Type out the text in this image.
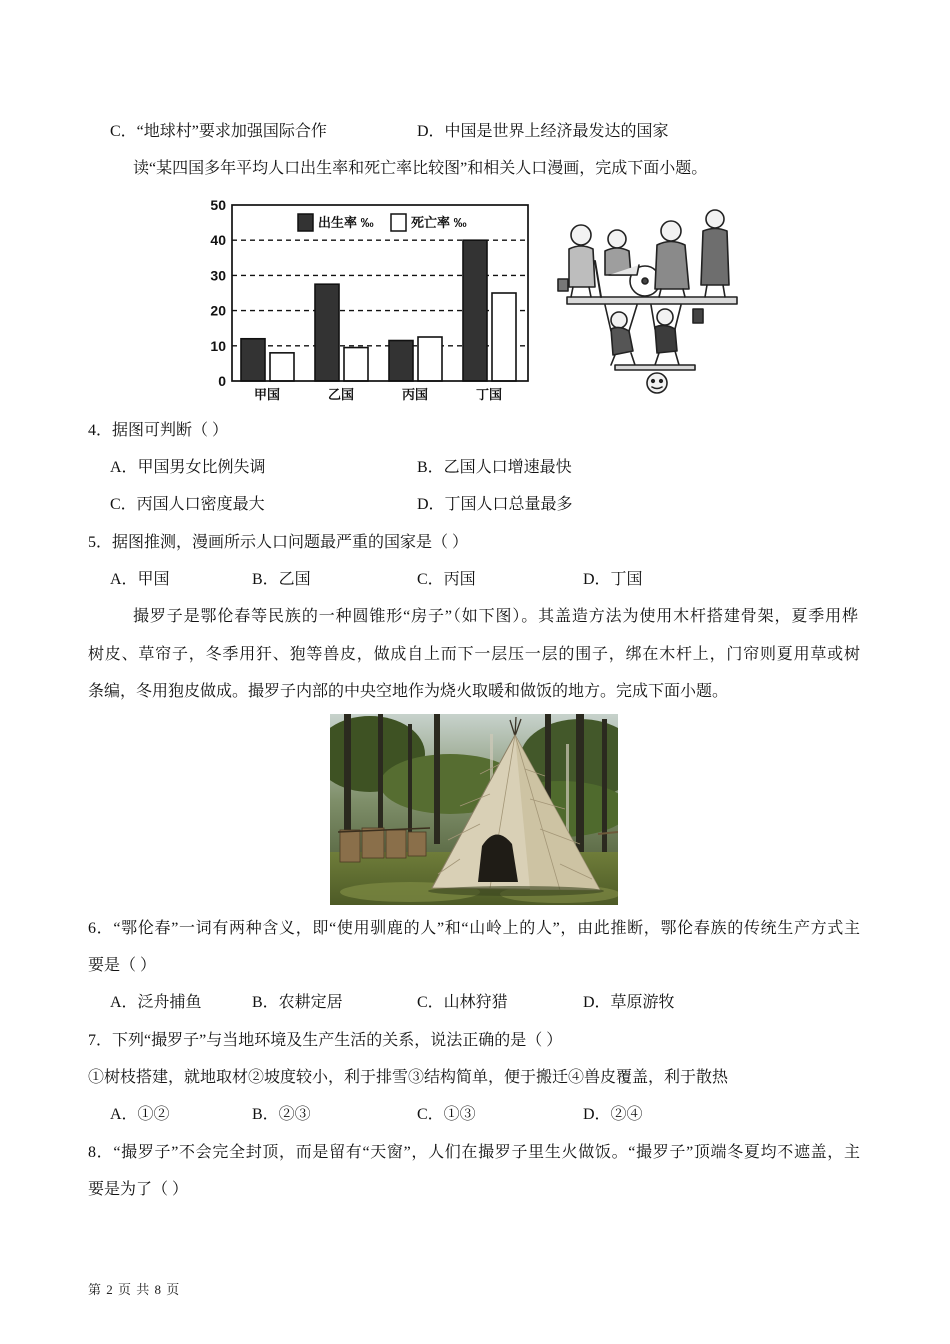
C．“地球村”要求加强国际合作	D．中国是世界上经济最发达的国家
读“某四国多年平均人口出生率和死亡率比较图”和相关人口漫画，完成下面小题。
0
10
20
30
40
50
甲国	乙国	丙国	丁国
出生率 ‰	死亡率 ‰
4．据图可判断（ ）
A．甲国男女比例失调	B．乙国人口增速最快
C．丙国人口密度最大	D．丁国人口总量最多
5．据图推测，漫画所示人口问题最严重的国家是（ ）
A．甲国	B．乙国	C．丙国	D．丁国
撮罗子是鄂伦春等民族的一种圆锥形“房子”（如下图）。其盖造方法为使用木杆搭建骨架，夏季用桦
树皮、草帘子，冬季用犴、狍等兽皮，做成自上而下一层压一层的围子，绑在木杆上，门帘则夏用草或树
条编，冬用狍皮做成。撮罗子内部的中央空地作为烧火取暖和做饭的地方。完成下面小题。
6．“鄂伦春”一词有两种含义，即“使用驯鹿的人”和“山岭上的人”，由此推断，鄂伦春族的传统生产方式主
要是（ ）
A．泛舟捕鱼	B．农耕定居	C．山林狩猎	D．草原游牧
7．下列“撮罗子”与当地环境及生产生活的关系，说法正确的是（ ）
①树枝搭建，就地取材②坡度较小，利于排雪③结构简单，便于搬迁④兽皮覆盖，利于散热
A．①②	B．②③	C．①③	D．②④
8．“撮罗子”不会完全封顶，而是留有“天窗”，人们在撮罗子里生火做饭。“撮罗子”顶端冬夏均不遮盖，主
要是为了（ ）
第 2 页 共 8 页
